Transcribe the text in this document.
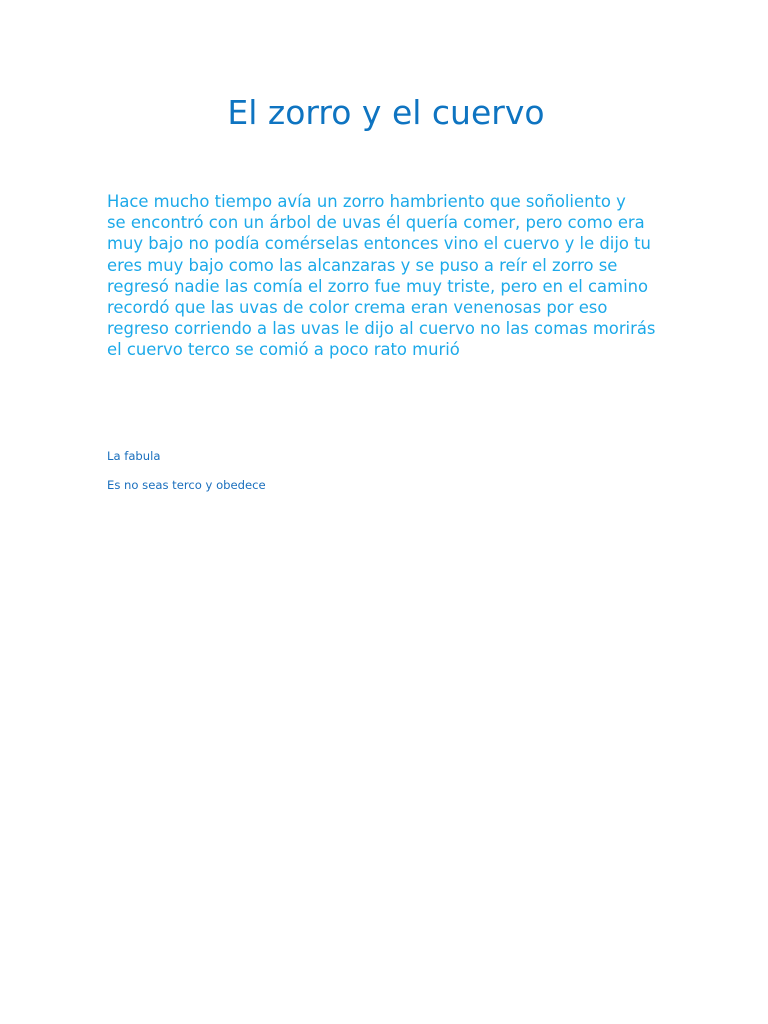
El zorro y el cuervo

Hace mucho tiempo avía un zorro hambriento que soñoliento y
se encontró con un árbol de uvas él quería comer, pero como era
muy bajo no podía comérselas entonces vino el cuervo y le dijo tu
eres muy bajo como las alcanzaras y se puso a reír el zorro se
regresó nadie las comía el zorro fue muy triste, pero en el camino
recordó que las uvas de color crema eran venenosas por eso
regreso corriendo a las uvas le dijo al cuervo no las comas morirás
el cuervo terco se comió a poco rato murió

La fabula

Es no seas terco y obedece
